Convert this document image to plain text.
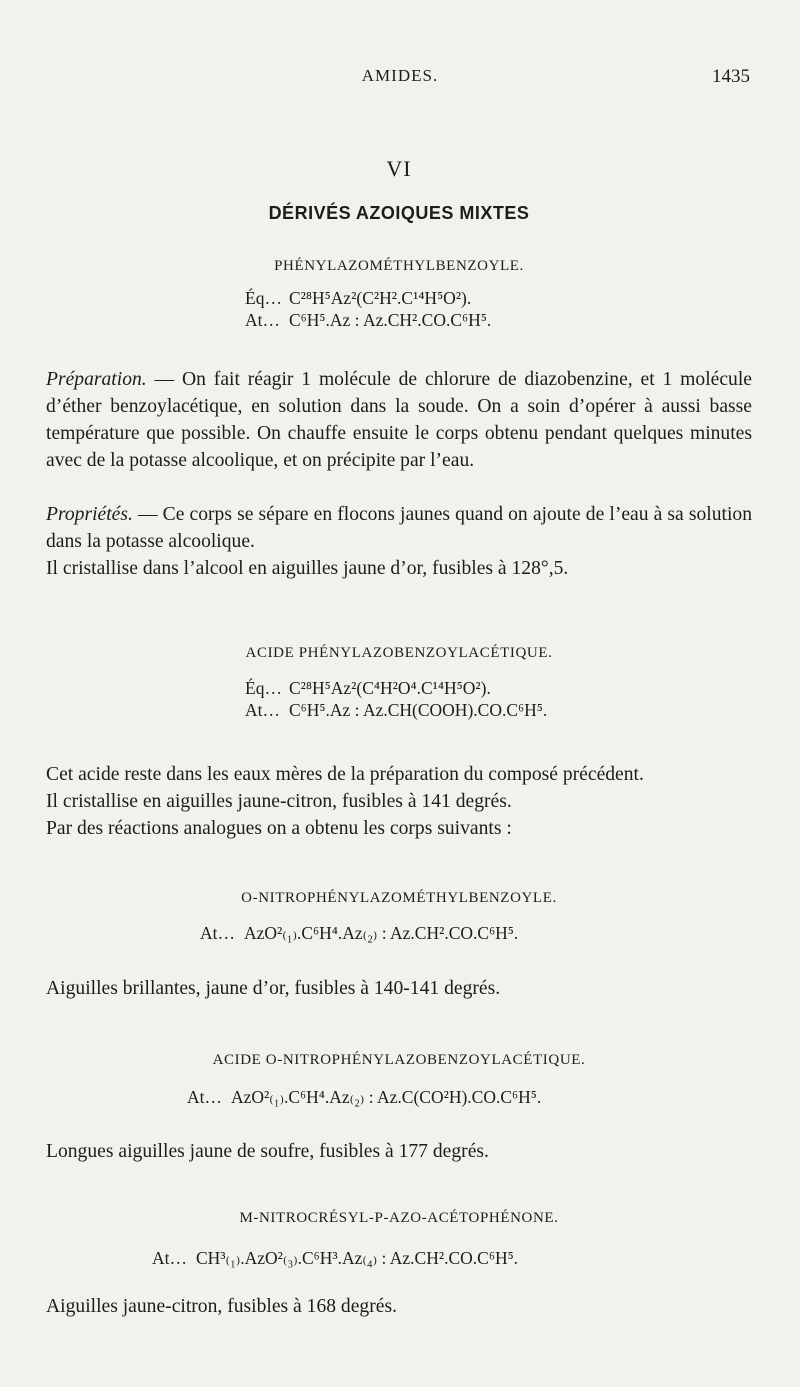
AMIDES.	1435
VI
DÉRIVÉS AZOIQUES MIXTES
PHÉNYLAZOMÉTHYLBENZOYLE.
Éq… C²⁸H⁵Az²(C²H².C¹⁴H⁵O²).
At… C⁶H⁵.Az : Az.CH².CO.C⁶H⁵.

Préparation. — On fait réagir 1 molécule de chlorure de diazobenzine, et 1 molécule d’éther benzoylacétique, en solution dans la soude. On a soin d’opérer à aussi basse température que possible. On chauffe ensuite le corps obtenu pendant quelques minutes avec de la potasse alcoolique, et on précipite par l’eau.

Propriétés. — Ce corps se sépare en flocons jaunes quand on ajoute de l’eau à sa solution dans la potasse alcoolique.

Il cristallise dans l’alcool en aiguilles jaune d’or, fusibles à 128°,5.

ACIDE PHÉNYLAZOBENZOYLACÉTIQUE.
Éq… C²⁸H⁵Az²(C⁴H²O⁴.C¹⁴H⁵O²).
At… C⁶H⁵.Az : Az.CH(COOH).CO.C⁶H⁵.

Cet acide reste dans les eaux mères de la préparation du composé précédent.

Il cristallise en aiguilles jaune-citron, fusibles à 141 degrés.

Par des réactions analogues on a obtenu les corps suivants :

O-NITROPHÉNYLAZOMÉTHYLBENZOYLE.
At… AzO²₍₁₎.C⁶H⁴.Az₍₂₎ : Az.CH².CO.C⁶H⁵.

Aiguilles brillantes, jaune d’or, fusibles à 140-141 degrés.

ACIDE O-NITROPHÉNYLAZOBENZOYLACÉTIQUE.
At… AzO²₍₁₎.C⁶H⁴.Az₍₂₎ : Az.C(CO²H).CO.C⁶H⁵.

Longues aiguilles jaune de soufre, fusibles à 177 degrés.

M-NITROCRÉSYL-P-AZO-ACÉTOPHÉNONE.
At… CH³₍₁₎.AzO²₍₃₎.C⁶H³.Az₍₄₎ : Az.CH².CO.C⁶H⁵.

Aiguilles jaune-citron, fusibles à 168 degrés.
